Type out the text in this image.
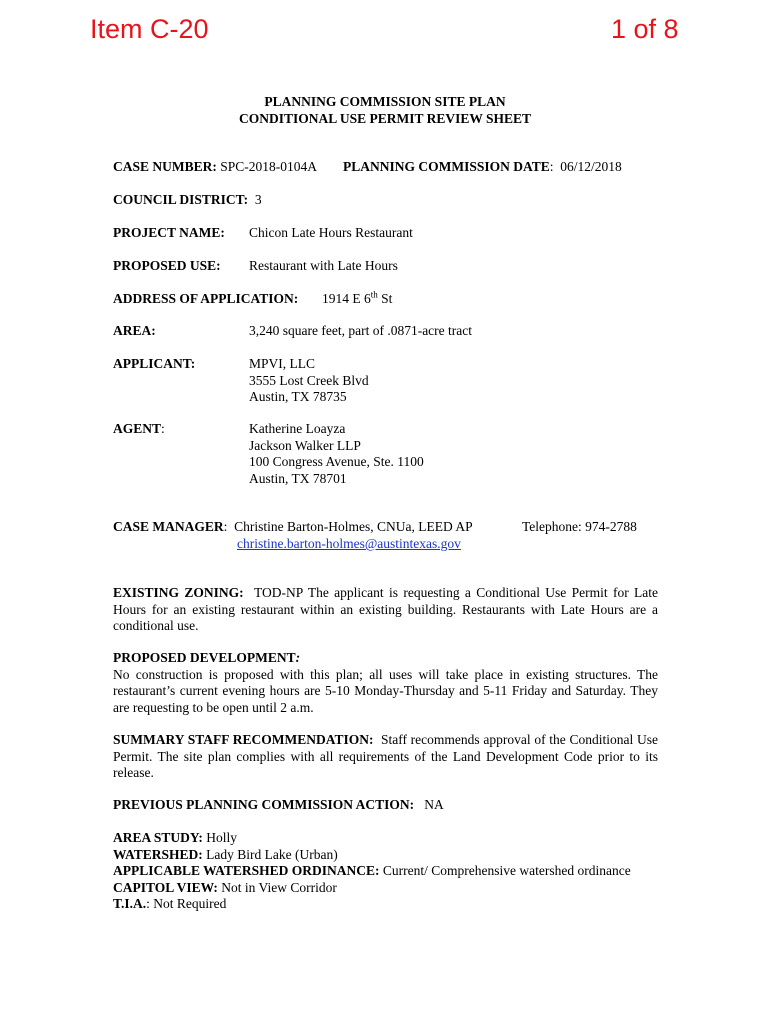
Item C-20	1 of 8
PLANNING COMMISSION SITE PLAN
CONDITIONAL USE PERMIT REVIEW SHEET
CASE NUMBER: SPC-2018-0104A PLANNING COMMISSION DATE:  06/12/2018
COUNCIL DISTRICT: 3
PROJECT NAME: Chicon Late Hours Restaurant
PROPOSED USE: Restaurant with Late Hours
ADDRESS OF APPLICATION: 1914 E 6th St
AREA:	3,240 square feet, part of .0871-acre tract
APPLICANT:	MPVI, LLC
3555 Lost Creek Blvd
Austin, TX 78735
AGENT:	Katherine Loayza
Jackson Walker LLP
100 Congress Avenue, Ste. 1100
Austin, TX 78701
CASE MANAGER:  Christine Barton-Holmes, CNUa, LEED AP	Telephone: 974-2788
christine.barton-holmes@austintexas.gov
EXISTING ZONING: TOD-NP The applicant is requesting a Conditional Use Permit for Late Hours for an existing restaurant within an existing building. Restaurants with Late Hours are a conditional use.
PROPOSED DEVELOPMENT:
No construction is proposed with this plan; all uses will take place in existing structures. The restaurant’s current evening hours are 5-10 Monday-Thursday and 5-11 Friday and Saturday. They are requesting to be open until 2 a.m.
SUMMARY STAFF RECOMMENDATION: Staff recommends approval of the Conditional Use Permit. The site plan complies with all requirements of the Land Development Code prior to its release.
PREVIOUS PLANNING COMMISSION ACTION: NA
AREA STUDY: Holly
WATERSHED: Lady Bird Lake (Urban)
APPLICABLE WATERSHED ORDINANCE: Current/ Comprehensive watershed ordinance
CAPITOL VIEW: Not in View Corridor
T.I.A.: Not Required
